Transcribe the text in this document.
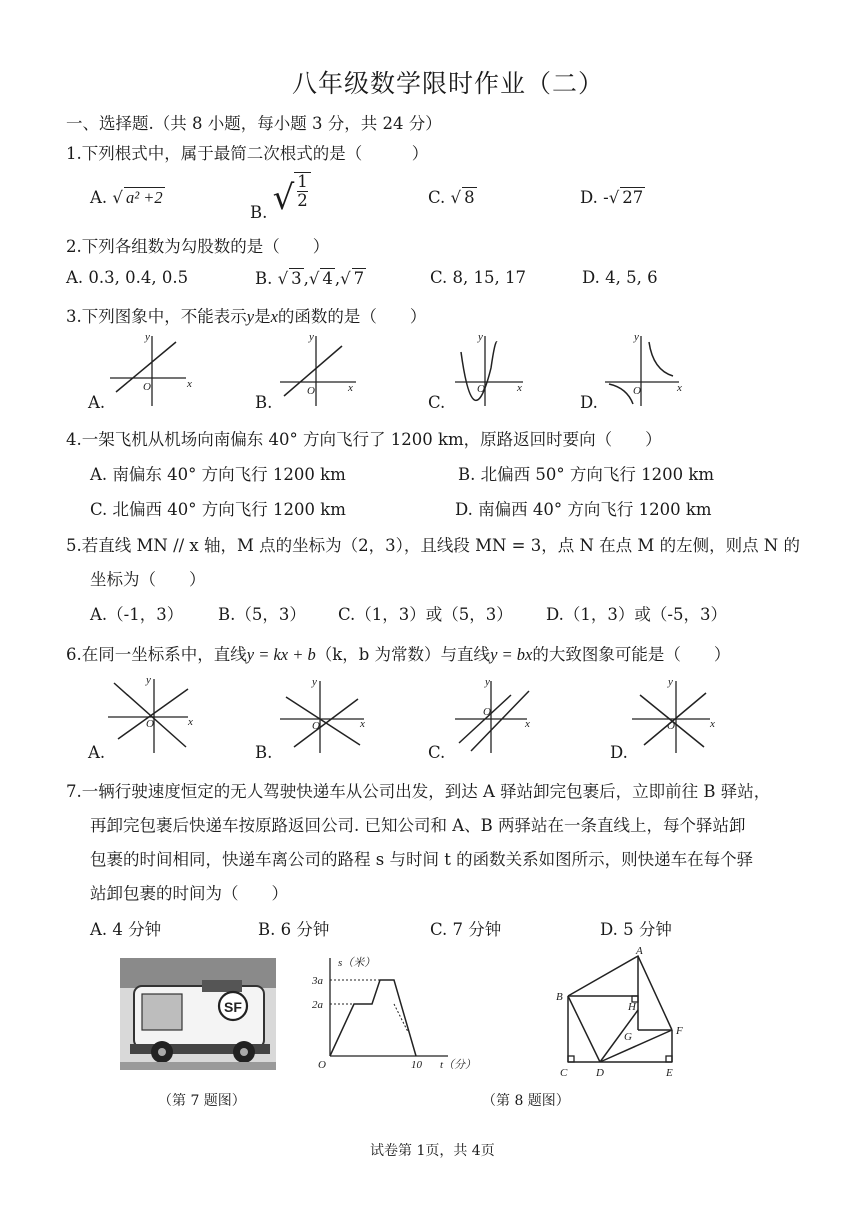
八年级数学限时作业（二）
一、选择题.（共 8 小题，每小题 3 分，共 24 分）
1.下列根式中，属于最简二次根式的是（　　　）
A. √ a² +2
B. √ $\frac{1}{2}$	C. √ 8	D. -√ 27
2.下列各组数为勾股数的是（　　）
A. 0.3, 0.4, 0.5	B. √ 3 ,√ 4 ,√ 7	C. 8, 15, 17	D. 4, 5, 6
3.下列图象中，不能表示y是x的函数的是（　　）
x
y
O
A.
x
y
O
B.
x
y
O
C.
x
y
O
D.
4.一架飞机从机场向南偏东 40° 方向飞行了 1200 km，原路返回时要向（　　）
A. 南偏东 40° 方向飞行 1200 km	B. 北偏西 50° 方向飞行 1200 km
C. 北偏西 40° 方向飞行 1200 km	D. 南偏西 40° 方向飞行 1200 km
5.若直线 MN // x 轴，M 点的坐标为（2，3），且线段 MN = 3，点 N 在点 M 的左侧，则点 N 的
坐标为（　　）
A.（-1，3） B.（5，3） C.（1，3）或（5，3） D.（1，3）或（-5，3）
6.在同一坐标系中，直线y = kx + b（k，b 为常数）与直线y = bx的大致图象可能是（　　）
x
y
O
A.
x
y
O
B.
x
y
O
C.
x
y
O
D.
7.一辆行驶速度恒定的无人驾驶快递车从公司出发，到达 A 驿站卸完包裹后，立即前往 B 驿站，
再卸完包裹后快递车按原路返回公司. 已知公司和 A、B 两驿站在一条直线上，每个驿站卸
包裹的时间相同，快递车离公司的路程 s 与时间 t 的函数关系如图所示，则快递车在每个驿
站卸包裹的时间为（　　）
A. 4 分钟	B. 6 分钟	C. 7 分钟	D. 5 分钟
SF
（第 7 题图）
s（米）
3a
2a
O	10 t（分）
A
B
C	D	E
F
G
H
（第 8 题图）
试卷第 1页，共 4页
